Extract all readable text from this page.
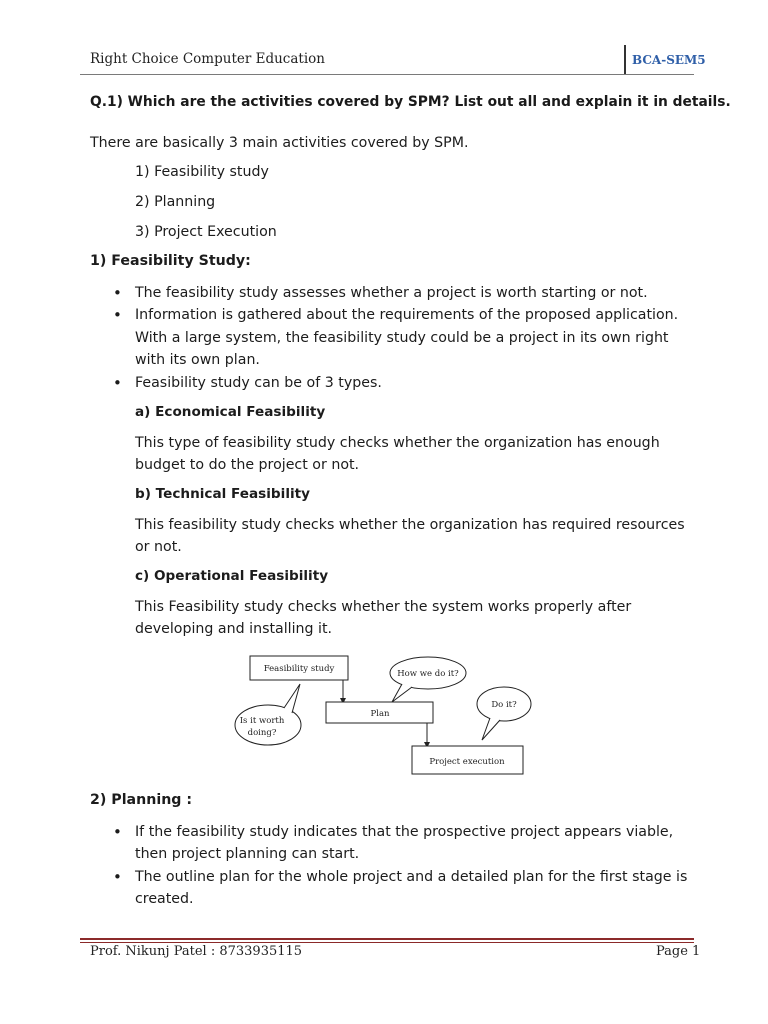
Right Choice Computer Education	BCA-SEM5
Q.1) Which are the activities covered by SPM? List out all and explain it in details.
There are basically 3 main activities covered by SPM.
1) Feasibility study
2) Planning
3) Project Execution
1) Feasibility Study:
• The feasibility study assesses whether a project is worth starting or not.
• Information is gathered about the requirements of the proposed application.
With a large system, the feasibility study could be a project in its own right
with its own plan.
• Feasibility study can be of 3 types.
a) Economical Feasibility
This type of feasibility study checks whether the organization has enough
budget to do the project or not.
b) Technical Feasibility
This feasibility study checks whether the organization has required resources
or not.
c) Operational Feasibility
This Feasibility study checks whether the system works properly after
developing and installing it.
Feasibility study
Plan
Project execution
How we do it?
Do it?
Is it worth
doing?
2) Planning :
• If the feasibility study indicates that the prospective project appears viable,
then project planning can start.
• The outline plan for the whole project and a detailed plan for the first stage is
created.
Prof. Nikunj Patel : 8733935115	Page 1
